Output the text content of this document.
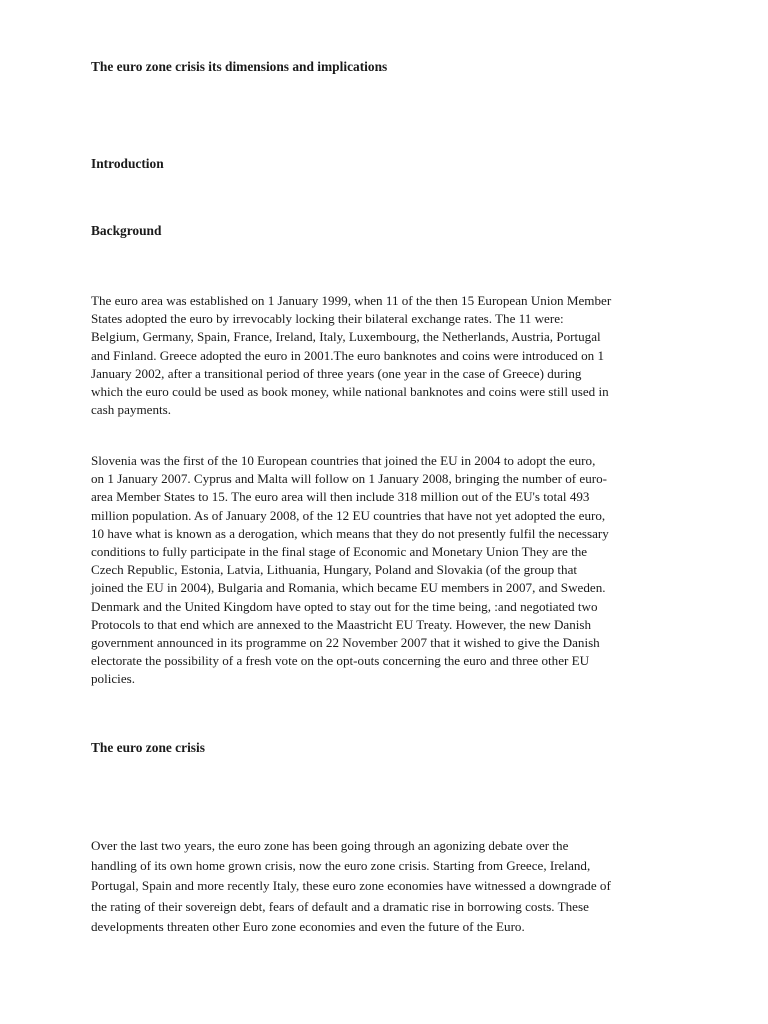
The euro zone crisis its dimensions and implications
Introduction
Background
The euro area was established on 1 January 1999, when 11 of the then 15 European Union Member
States adopted the euro by irrevocably locking their bilateral exchange rates. The 11 were:
Belgium, Germany, Spain, France, Ireland, Italy, Luxembourg, the Netherlands, Austria, Portugal
and Finland. Greece adopted the euro in 2001.The euro banknotes and coins were introduced on 1
January 2002, after a transitional period of three years (one year in the case of Greece) during
which the euro could be used as book money, while national banknotes and coins were still used in
cash payments.
Slovenia was the first of the 10 European countries that joined the EU in 2004 to adopt the euro,
on 1 January 2007. Cyprus and Malta will follow on 1 January 2008, bringing the number of euro-
area Member States to 15. The euro area will then include 318 million out of the EU's total 493
million population. As of January 2008, of the 12 EU countries that have not yet adopted the euro,
10 have what is known as a derogation, which means that they do not presently fulfil the necessary
conditions to fully participate in the final stage of Economic and Monetary Union They are the
Czech Republic, Estonia, Latvia, Lithuania, Hungary, Poland and Slovakia (of the group that
joined the EU in 2004), Bulgaria and Romania, which became EU members in 2007, and Sweden.
Denmark and the United Kingdom have opted to stay out for the time being, :and negotiated two
Protocols to that end which are annexed to the Maastricht EU Treaty. However, the new Danish
government announced in its programme on 22 November 2007 that it wished to give the Danish
electorate the possibility of a fresh vote on the opt-outs concerning the euro and three other EU
policies.
The euro zone crisis
Over the last two years, the euro zone has been going through an agonizing debate over the
handling of its own home grown crisis, now the euro zone crisis. Starting from Greece, Ireland,
Portugal, Spain and more recently Italy, these euro zone economies have witnessed a downgrade of
the rating of their sovereign debt, fears of default and a dramatic rise in borrowing costs. These
developments threaten other Euro zone economies and even the future of the Euro.
